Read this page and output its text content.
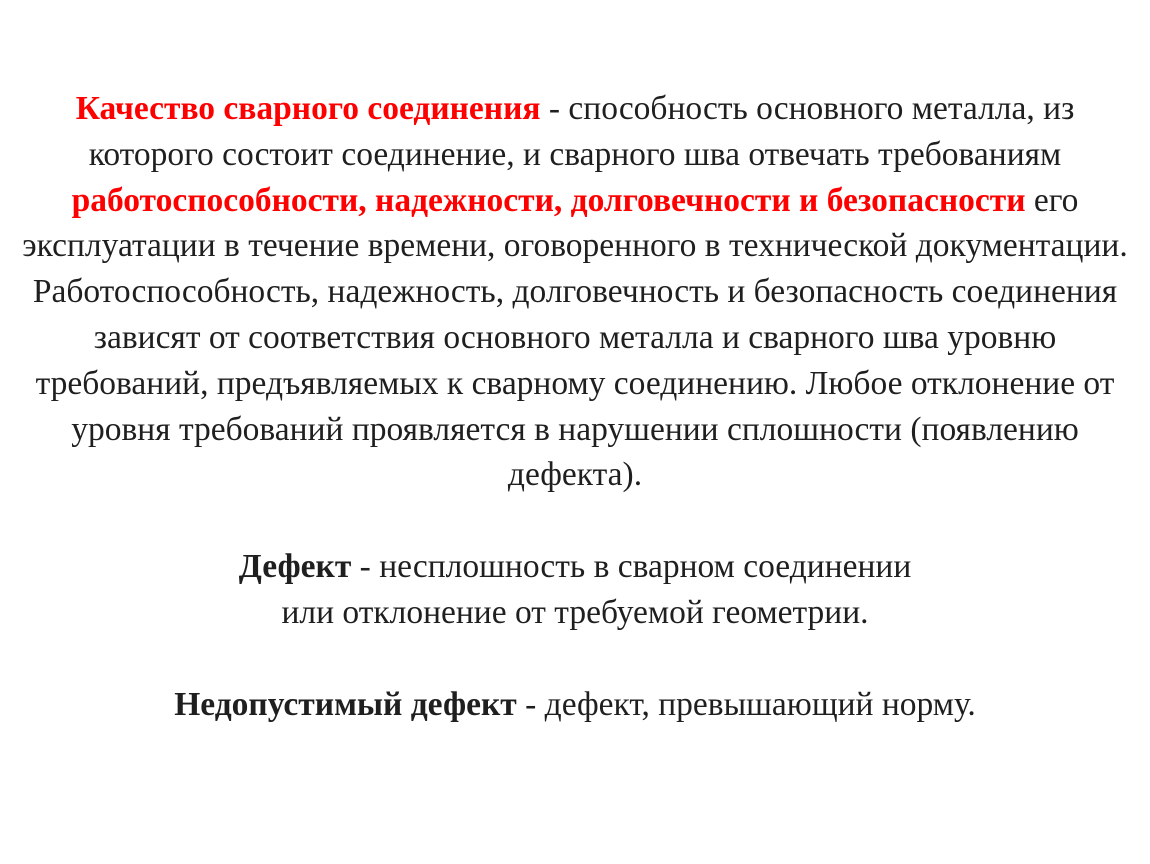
Качество сварного соединения - способность основного металла, из которого состоит соединение, и сварного шва отвечать требованиям работоспособности, надежности, долговечности и безопасности его эксплуатации в течение времени, оговоренного в технической документации. Работоспособность, надежность, долговечность и безопасность соединения зависят от соответствия основного металла и сварного шва уровню требований, предъявляемых к сварному соединению. Любое отклонение от уровня требований проявляется в нарушении сплошности (появлению дефекта).

Дефект - несплошность в сварном соединении
или отклонение от требуемой геометрии.

Недопустимый дефект - дефект, превышающий норму.
